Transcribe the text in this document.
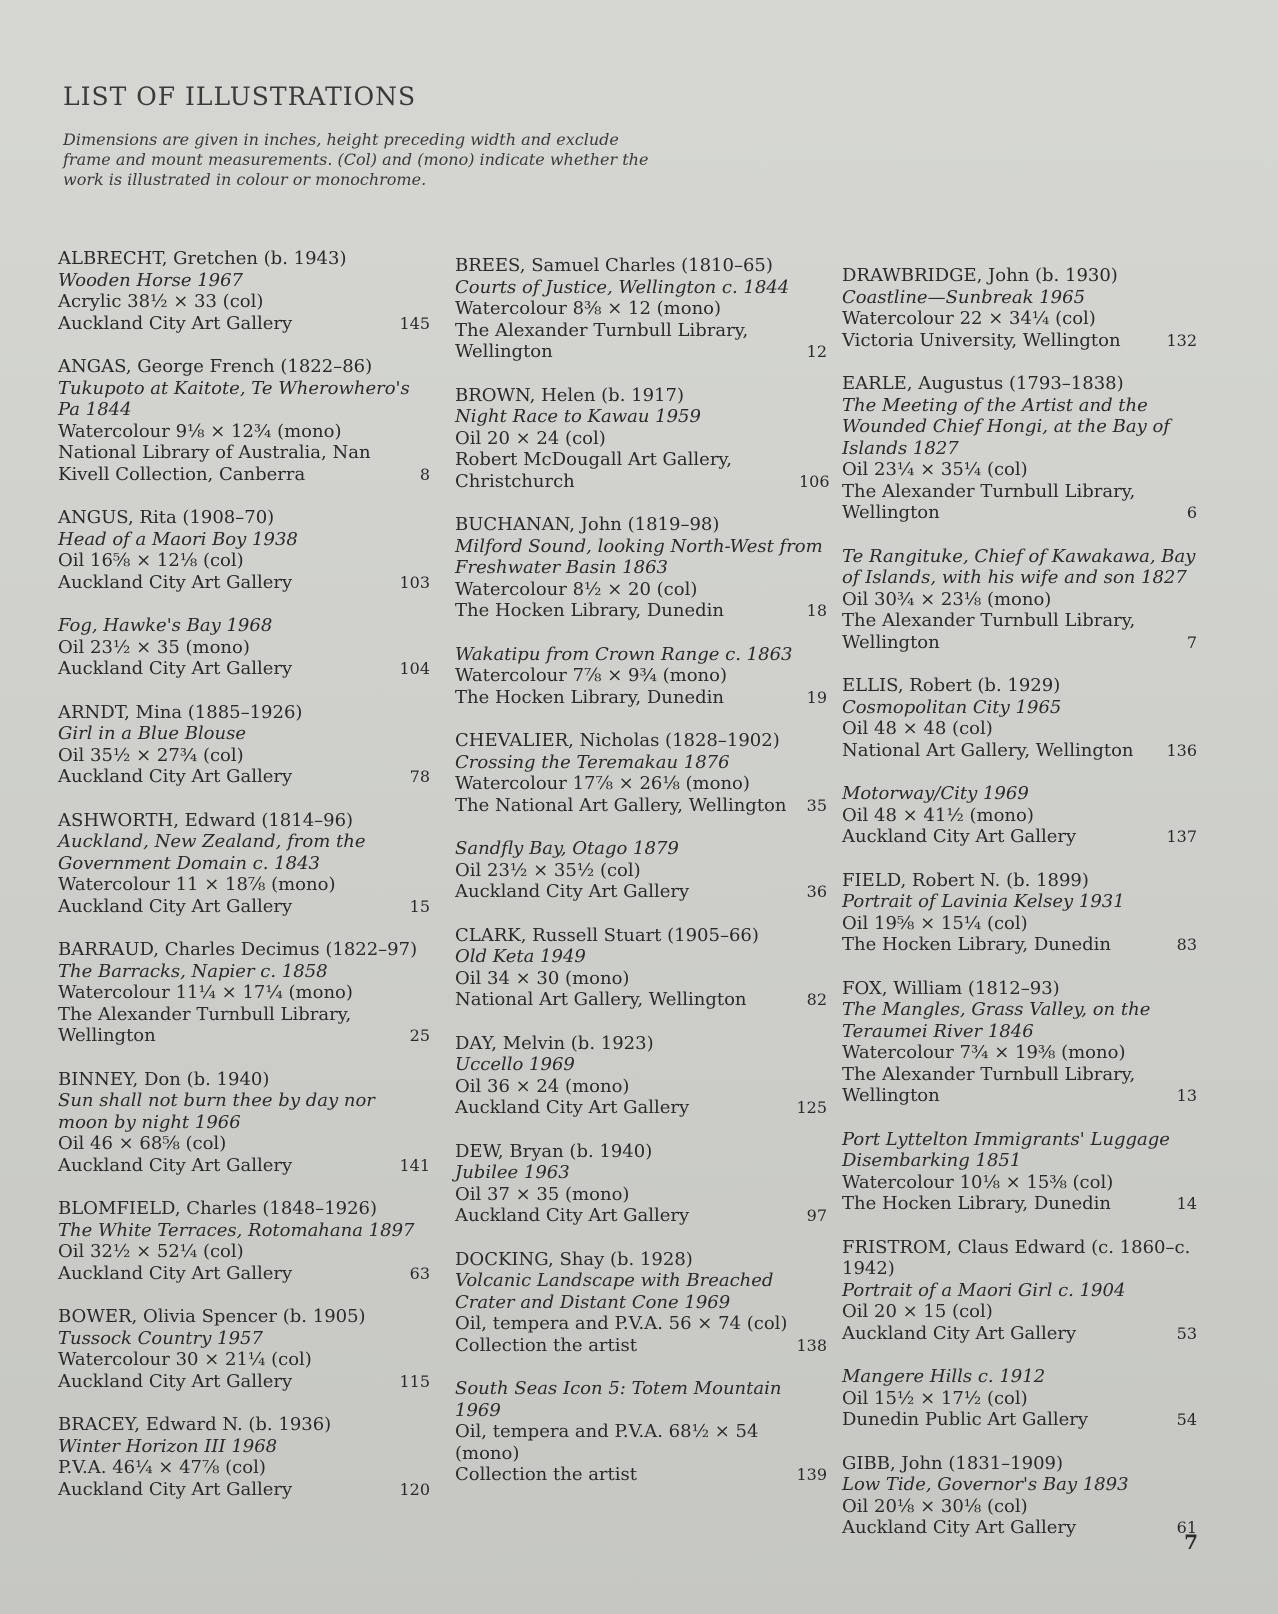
LIST OF ILLUSTRATIONS
Dimensions are given in inches, height preceding width and exclude frame and mount measurements. (Col) and (mono) indicate whether the work is illustrated in colour or monochrome.
ALBRECHT, Gretchen (b. 1943)
Wooden Horse 1967
Acrylic 38½ × 33 (col)
Auckland City Art Gallery	145
ANGAS, George French (1822–86)
Tukupoto at Kaitote, Te Wherowhero's Pa 1844
Watercolour 9⅛ × 12¾ (mono)
National Library of Australia, Nan Kivell Collection, Canberra	8
ANGUS, Rita (1908–70)
Head of a Maori Boy 1938
Oil 16⅝ × 12⅛ (col)
Auckland City Art Gallery	103
Fog, Hawke's Bay 1968
Oil 23½ × 35 (mono)
Auckland City Art Gallery	104
ARNDT, Mina (1885–1926)
Girl in a Blue Blouse
Oil 35½ × 27¾ (col)
Auckland City Art Gallery	78
ASHWORTH, Edward (1814–96)
Auckland, New Zealand, from the Government Domain c. 1843
Watercolour 11 × 18⅞ (mono)
Auckland City Art Gallery	15
BARRAUD, Charles Decimus (1822–97)
The Barracks, Napier c. 1858
Watercolour 11¼ × 17¼ (mono)
The Alexander Turnbull Library, Wellington	25
BINNEY, Don (b. 1940)
Sun shall not burn thee by day nor moon by night 1966
Oil 46 × 68⅝ (col)
Auckland City Art Gallery	141
BLOMFIELD, Charles (1848–1926)
The White Terraces, Rotomahana 1897
Oil 32½ × 52¼ (col)
Auckland City Art Gallery	63
BOWER, Olivia Spencer (b. 1905)
Tussock Country 1957
Watercolour 30 × 21¼ (col)
Auckland City Art Gallery	115
BRACEY, Edward N. (b. 1936)
Winter Horizon III 1968
P.V.A. 46¼ × 47⅞ (col)
Auckland City Art Gallery	120
BREES, Samuel Charles (1810–65)
Courts of Justice, Wellington c. 1844
Watercolour 8⅜ × 12 (mono)
The Alexander Turnbull Library, Wellington	12
BROWN, Helen (b. 1917)
Night Race to Kawau 1959
Oil 20 × 24 (col)
Robert McDougall Art Gallery, Christchurch	106
BUCHANAN, John (1819–98)
Milford Sound, looking North-West from Freshwater Basin 1863
Watercolour 8½ × 20 (col)
The Hocken Library, Dunedin	18
Wakatipu from Crown Range c. 1863
Watercolour 7⅞ × 9¾ (mono)
The Hocken Library, Dunedin	19
CHEVALIER, Nicholas (1828–1902)
Crossing the Teremakau 1876
Watercolour 17⅞ × 26⅛ (mono)
The National Art Gallery, Wellington	35
Sandfly Bay, Otago 1879
Oil 23½ × 35½ (col)
Auckland City Art Gallery	36
CLARK, Russell Stuart (1905–66)
Old Keta 1949
Oil 34 × 30 (mono)
National Art Gallery, Wellington	82
DAY, Melvin (b. 1923)
Uccello 1969
Oil 36 × 24 (mono)
Auckland City Art Gallery	125
DEW, Bryan (b. 1940)
Jubilee 1963
Oil 37 × 35 (mono)
Auckland City Art Gallery	97
DOCKING, Shay (b. 1928)
Volcanic Landscape with Breached Crater and Distant Cone 1969
Oil, tempera and P.V.A. 56 × 74 (col)
Collection the artist	138
South Seas Icon 5: Totem Mountain 1969
Oil, tempera and P.V.A. 68½ × 54 (mono)
Collection the artist	139
DRAWBRIDGE, John (b. 1930)
Coastline—Sunbreak 1965
Watercolour 22 × 34¼ (col)
Victoria University, Wellington	132
EARLE, Augustus (1793–1838)
The Meeting of the Artist and the Wounded Chief Hongi, at the Bay of Islands 1827
Oil 23¼ × 35¼ (col)
The Alexander Turnbull Library, Wellington	6
Te Rangituke, Chief of Kawakawa, Bay of Islands, with his wife and son 1827
Oil 30¾ × 23⅛ (mono)
The Alexander Turnbull Library, Wellington	7
ELLIS, Robert (b. 1929)
Cosmopolitan City 1965
Oil 48 × 48 (col)
National Art Gallery, Wellington	136
Motorway/City 1969
Oil 48 × 41½ (mono)
Auckland City Art Gallery	137
FIELD, Robert N. (b. 1899)
Portrait of Lavinia Kelsey 1931
Oil 19⅝ × 15¼ (col)
The Hocken Library, Dunedin	83
FOX, William (1812–93)
The Mangles, Grass Valley, on the Teraumei River 1846
Watercolour 7¾ × 19⅜ (mono)
The Alexander Turnbull Library, Wellington	13
Port Lyttelton Immigrants' Luggage Disembarking 1851
Watercolour 10⅛ × 15⅜ (col)
The Hocken Library, Dunedin	14
FRISTROM, Claus Edward (c. 1860–c. 1942)
Portrait of a Maori Girl c. 1904
Oil 20 × 15 (col)
Auckland City Art Gallery	53
Mangere Hills c. 1912
Oil 15½ × 17½ (col)
Dunedin Public Art Gallery	54
GIBB, John (1831–1909)
Low Tide, Governor's Bay 1893
Oil 20⅛ × 30⅛ (col)
Auckland City Art Gallery	61
7
